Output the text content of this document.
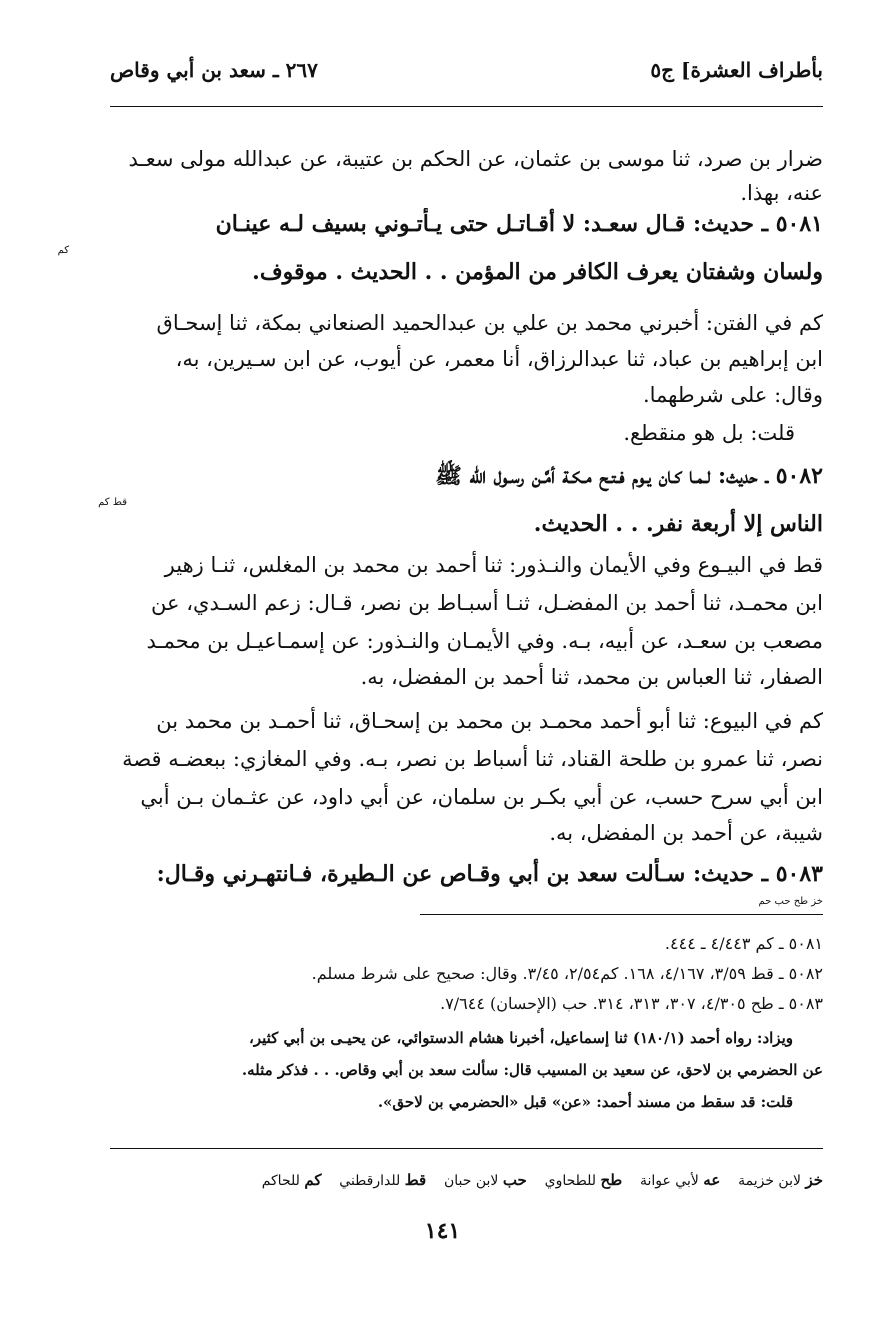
بأطراف العشرة] ج٥
٢٦٧ ـ سعد بن أبي وقاص
ضرار بن صرد، ثنا موسى بن عثمان، عن الحكم بن عتيبة، عن عبدالله مولى سعـد
عنه، بهذا.
٥٠٨١ ـ حديث: قـال سعـد: لا أقـاتـل حتى يـأتـوني بسيف لـه عينـان
كم
ولسان وشفتان يعرف الكافر من المؤمن . . الحديث . موقوف.
كم في الفتن: أخبرني محمد بن علي بن عبدالحميد الصنعاني بمكة، ثنا إسحـاق
ابن إبراهيم بن عباد، ثنا عبدالرزاق، أنا معمر، عن أيوب، عن ابن سـيرين، به،
وقال: على شرطهما.
قلت: بل هو منقطع.
٥٠٨٢ ـ حديث: لـمـا كـان يـوم فـتـح مـكـة أمَّـن رسـول الله ﷺ
قط كم
الناس إلا أربعة نفر. . . الحديث.
قط في البيـوع وفي الأيمان والنـذور: ثنا أحمد بن محمد بن المغلس، ثنـا زهير
ابن محمـد، ثنا أحمد بن المفضـل، ثنـا أسبـاط بن نصر، قـال: زعم السـدي، عن
مصعب بن سعـد، عن أبيه، بـه. وفي الأيمـان والنـذور: عن إسمـاعيـل بن محمـد
الصفار، ثنا العباس بن محمد، ثنا أحمد بن المفضل، به.
كم في البيوع: ثنا أبو أحمد محمـد بن محمد بن إسحـاق، ثنا أحمـد بن محمد بن
نصر، ثنا عمرو بن طلحة القناد، ثنا أسباط بن نصر، بـه. وفي المغازي: ببعضـه قصة
ابن أبي سرح حسب، عن أبي بكـر بن سلمان، عن أبي داود، عن عثـمان بـن أبي
شيبة، عن أحمد بن المفضل، به.
٥٠٨٣ ـ حديث: سـألت سعد بن أبي وقـاص عن الـطيرة، فـانتهـرني وقـال:
خز طح حب حم
٥٠٨١ ـ كم ٤/٤٤٣ ـ ٤٤٤.
٥٠٨٢ ـ قط ٣/٥٩، ٤/١٦٧، ١٦٨. كم٢/٥٤، ٣/٤٥. وقال: صحيح على شرط مسلم.
٥٠٨٣ ـ طح ٤/٣٠٥، ٣٠٧، ٣١٣، ٣١٤. حب (الإحسان) ٧/٦٤٤.
ويزاد: رواه أحمد (١٨٠/١) ثنا إسماعيل، أخبرنا هشام الدستوائي، عن يحيـى بن أبي كثير،
عن الحضرمي بن لاحق، عن سعيد بن المسيب قال: سألت سعد بن أبي وقاص. . . فذكر مثله.
قلت: قد سقط من مسند أحمد: «عن» قبل «الحضرمي بن لاحق».
خز لابن خزيمة    عه لأبي عوانة    طح للطحاوي    حب لابن حبان    قط للدارقطني    كم للحاكم
١٤١
